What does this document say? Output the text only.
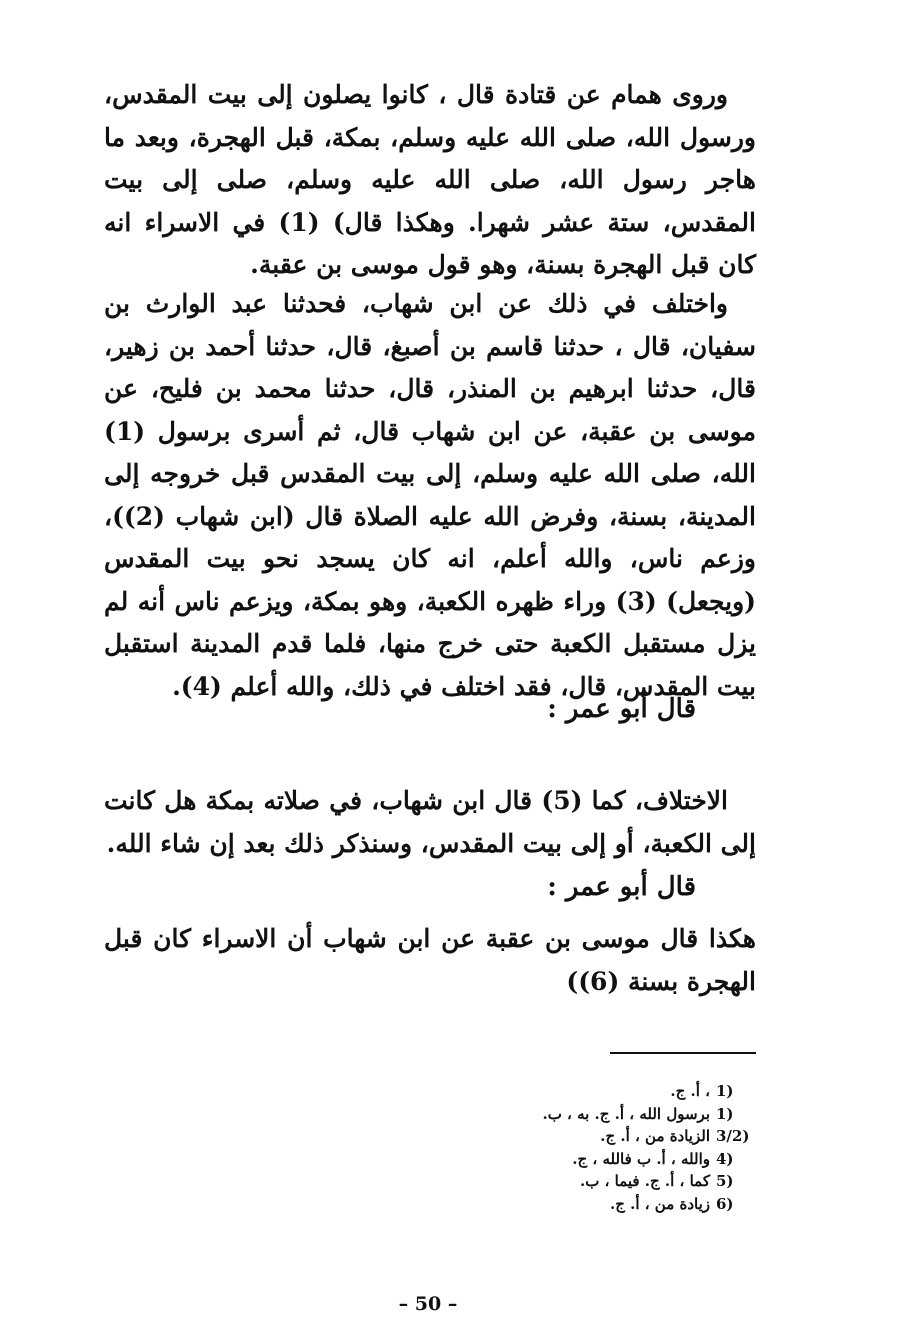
وروى همام عن قتادة قال ، كانوا يصلون إلى بيت المقدس، ورسول الله، صلى الله عليه وسلم، بمكة، قبل الهجرة، وبعد ما هاجر رسول الله، صلى الله عليه وسلم، صلى إلى بيت المقدس، ستة عشر شهرا. وهكذا قال) (1) في الاسراء انه كان قبل الهجرة بسنة، وهو قول موسى بن عقبة.

واختلف في ذلك عن ابن شهاب، فحدثنا عبد الوارث بن سفيان، قال ، حدثنا قاسم بن أصبغ، قال، حدثنا أحمد بن زهير، قال، حدثنا ابرهيم بن المنذر، قال، حدثنا محمد بن فليح، عن موسى بن عقبة، عن ابن شهاب قال، ثم أسرى برسول (1) الله، صلى الله عليه وسلم، إلى بيت المقدس قبل خروجه إلى المدينة، بسنة، وفرض الله عليه الصلاة قال (ابن شهاب (2))، وزعم ناس، والله أعلم، انه كان يسجد نحو بيت المقدس (ويجعل) (3) وراء ظهره الكعبة، وهو بمكة، ويزعم ناس أنه لم يزل مستقبل الكعبة حتى خرج منها، فلما قدم المدينة استقبل بيت المقدس، قال، فقد اختلف في ذلك، والله أعلم (4).

قال أبو عمر :

الاختلاف، كما (5) قال ابن شهاب، في صلاته بمكة هل كانت إلى الكعبة، أو إلى بيت المقدس، وسنذكر ذلك بعد إن شاء الله.

قال أبو عمر :

هكذا قال موسى بن عقبة عن ابن شهاب أن الاسراء كان قبل الهجرة بسنة (6))

1)
، أ. ج.
1)
برسول الله ، أ. ج. به ، ب.
3/2)
الزيادة من ، أ. ج.
4)
والله ، أ. ب فالله ، ج.
5)
كما ، أ. ج. فيما ، ب.
6)
زيادة من ، أ. ج.

– 50 –
